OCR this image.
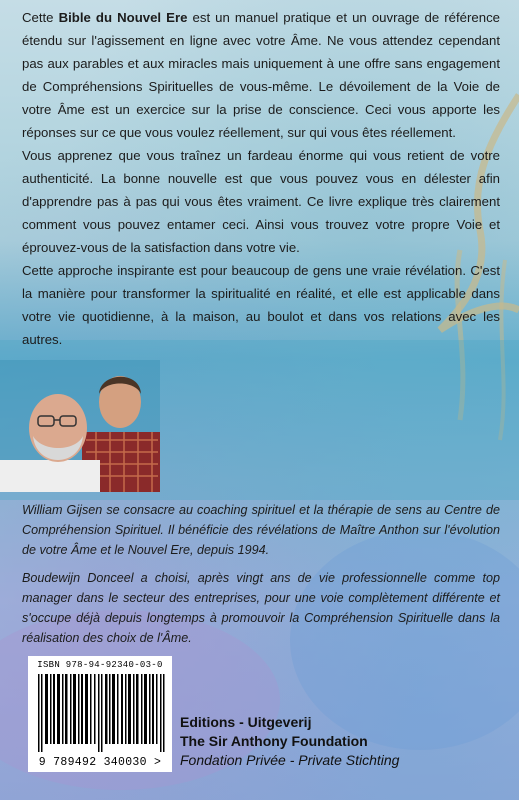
Cette Bible du Nouvel Ere est un manuel pratique et un ouvrage de référence étendu sur l'agissement en ligne avec votre Âme. Ne vous attendez cependant pas aux parables et aux miracles mais uniquement à une offre sans engagement de Compréhensions Spirituelles de vous-même. Le dévoilement de la Voie de votre Âme est un exercice sur la prise de conscience. Ceci vous apporte les réponses sur ce que vous voulez réellement, sur qui vous êtes réellement.

Vous apprenez que vous traînez un fardeau énorme qui vous retient de votre authenticité. La bonne nouvelle est que vous pouvez vous en délester afin d'apprendre pas à pas qui vous êtes vraiment. Ce livre explique très clairement comment vous pouvez entamer ceci. Ainsi vous trouvez votre propre Voie et éprouvez-vous de la satisfaction dans votre vie.

Cette approche inspirante est pour beaucoup de gens une vraie révélation. C'est la manière pour transformer la spiritualité en réalité, et elle est applicable dans votre vie quotidienne, à la maison, au boulot et dans vos relations avec les autres.

William Gijsen se consacre au coaching spirituel et la thérapie de sens au Centre de Compréhension Spirituel. Il bénéficie des révélations de Maître Anthon sur l'évolution de votre Âme et le Nouvel Ere, depuis 1994.

Boudewijn Donceel a choisi, après vingt ans de vie professionnelle comme top manager dans le secteur des entreprises, pour une voie complètement différente et s'occupe déjà depuis longtemps à promouvoir la Compréhension Spirituelle dans la réalisation des choix de l'Âme.

ISBN 978-94-92340-03-0
9 789492 340030 >
Editions - Uitgeverij
The Sir Anthony Foundation
Fondation Privée - Private Stichting
